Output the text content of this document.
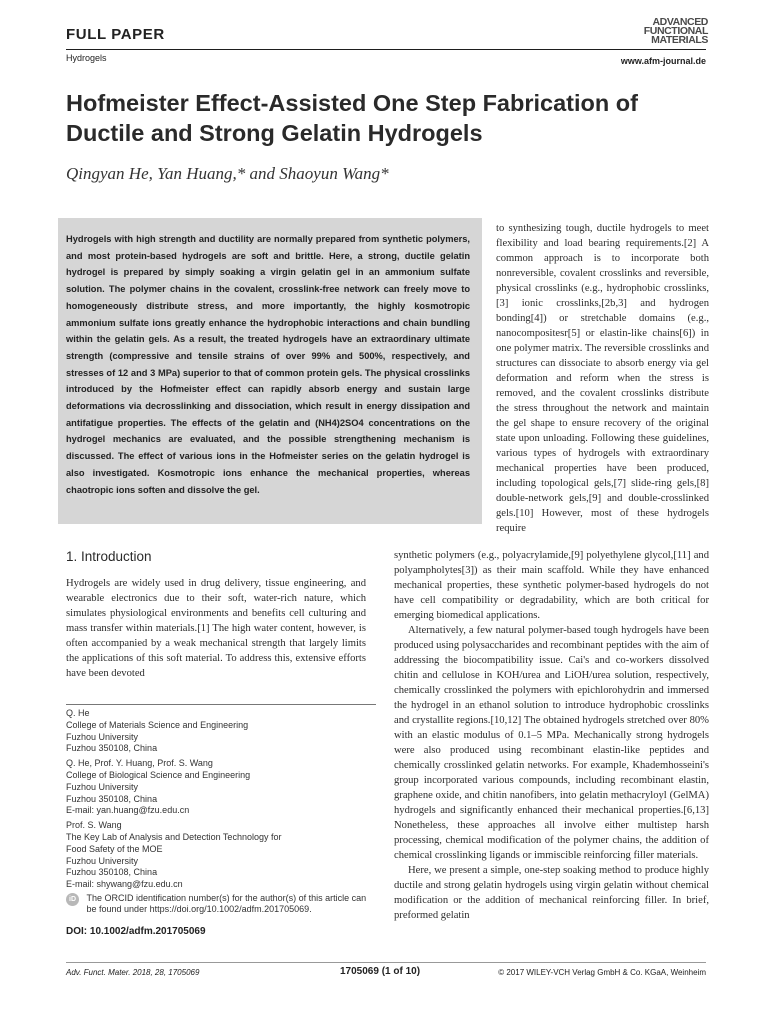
FULL PAPER
Hydrogels
ADVANCED
FUNCTIONAL
MATERIALS
www.afm-journal.de
Hofmeister Effect-Assisted One Step Fabrication of Ductile and Strong Gelatin Hydrogels
Qingyan He, Yan Huang,* and Shaoyun Wang*
Hydrogels with high strength and ductility are normally prepared from synthetic polymers, and most protein-based hydrogels are soft and brittle. Here, a strong, ductile gelatin hydrogel is prepared by simply soaking a virgin gelatin gel in an ammonium sulfate solution. The polymer chains in the covalent, crosslink-free network can freely move to homogeneously distribute stress, and more importantly, the highly kosmotropic ammonium sulfate ions greatly enhance the hydrophobic interactions and chain bundling within the gelatin gels. As a result, the treated hydrogels have an extraordinary ultimate strength (compressive and tensile strains of over 99% and 500%, respectively, and stresses of 12 and 3 MPa) superior to that of common protein gels. The physical crosslinks introduced by the Hofmeister effect can rapidly absorb energy and sustain large deformations via decrosslinking and dissociation, which result in energy dissipation and antifatigue properties. The effects of the gelatin and (NH4)2SO4 concentrations on the hydrogel mechanics are evaluated, and the possible strengthening mechanism is discussed. The effect of various ions in the Hofmeister series on the gelatin hydrogel is also investigated. Kosmotropic ions enhance the mechanical properties, whereas chaotropic ions soften and dissolve the gel.

to synthesizing tough, ductile hydrogels to meet flexibility and load bearing requirements.[2] A common approach is to incorporate both nonreversible, covalent crosslinks and reversible, physical crosslinks (e.g., hydrophobic crosslinks,[3] ionic crosslinks,[2b,3] and hydrogen bonding[4]) or stretchable domains (e.g., nanocompositesr[5] or elastin-like chains[6]) in one polymer matrix. The reversible crosslinks and structures can dissociate to absorb energy via gel deformation and reform when the stress is removed, and the covalent crosslinks distribute the stress throughout the network and maintain the gel shape to ensure recovery of the original state upon unloading. Following these guidelines, various types of hydrogels with extraordinary mechanical properties have been produced, including topological gels,[7] slide-ring gels,[8] double-network gels,[9] and double-crosslinked gels.[10] However, most of these hydrogels require

1. Introduction

Hydrogels are widely used in drug delivery, tissue engineering, and wearable electronics due to their soft, water-rich nature, which simulates physiological environments and benefits cell culturing and mass transfer within materials.[1] The high water content, however, is often accompanied by a weak mechanical strength that largely limits the applications of this soft material. To address this, extensive efforts have been devoted

synthetic polymers (e.g., polyacrylamide,[9] polyethylene glycol,[11] and polyampholytes[3]) as their main scaffold. While they have enhanced mechanical properties, these synthetic polymer-based hydrogels do not have cell compatibility or degradability, which are both critical for emerging biomedical applications.

Alternatively, a few natural polymer-based tough hydrogels have been produced using polysaccharides and recombinant peptides with the aim of addressing the biocompatibility issue. Cai's and co-workers dissolved chitin and cellulose in KOH/urea and LiOH/urea solution, respectively, chemically crosslinked the polymers with epichlorohydrin and immersed the hydrogel in an ethanol solution to introduce hydrophobic crosslinks and crystallite regions.[10,12] The obtained hydrogels stretched over 80% with an elastic modulus of 0.1–5 MPa. Mechanically strong hydrogels were also produced using recombinant elastin-like peptides and chemically crosslinked gelatin networks. For example, Khademhosseini's group incorporated various compounds, including recombinant elastin, graphene oxide, and chitin nanofibers, into gelatin methacryloyl (GelMA) hydrogels and significantly enhanced their mechanical properties.[6,13] Nonetheless, these approaches all involve either multistep harsh processing, chemical modification of the polymer chains, the addition of chemical crosslinking ligands or immiscible reinforcing filler materials.

Here, we present a simple, one-step soaking method to produce highly ductile and strong gelatin hydrogels using virgin gelatin without chemical modification or the addition of mechanical reinforcing filler. In brief, preformed gelatin

Q. He
College of Materials Science and Engineering
Fuzhou University
Fuzhou 350108, China
Q. He, Prof. Y. Huang, Prof. S. Wang
College of Biological Science and Engineering
Fuzhou University
Fuzhou 350108, China
E-mail: yan.huang@fzu.edu.cn
Prof. S. Wang
The Key Lab of Analysis and Detection Technology for
Food Safety of the MOE
Fuzhou University
Fuzhou 350108, China
E-mail: shywang@fzu.edu.cn
iD The ORCID identification number(s) for the author(s) of this article can be found under https://doi.org/10.1002/adfm.201705069.
DOI: 10.1002/adfm.201705069
Adv. Funct. Mater. 2018, 28, 1705069	1705069 (1 of 10)	© 2017 WILEY-VCH Verlag GmbH & Co. KGaA, Weinheim
